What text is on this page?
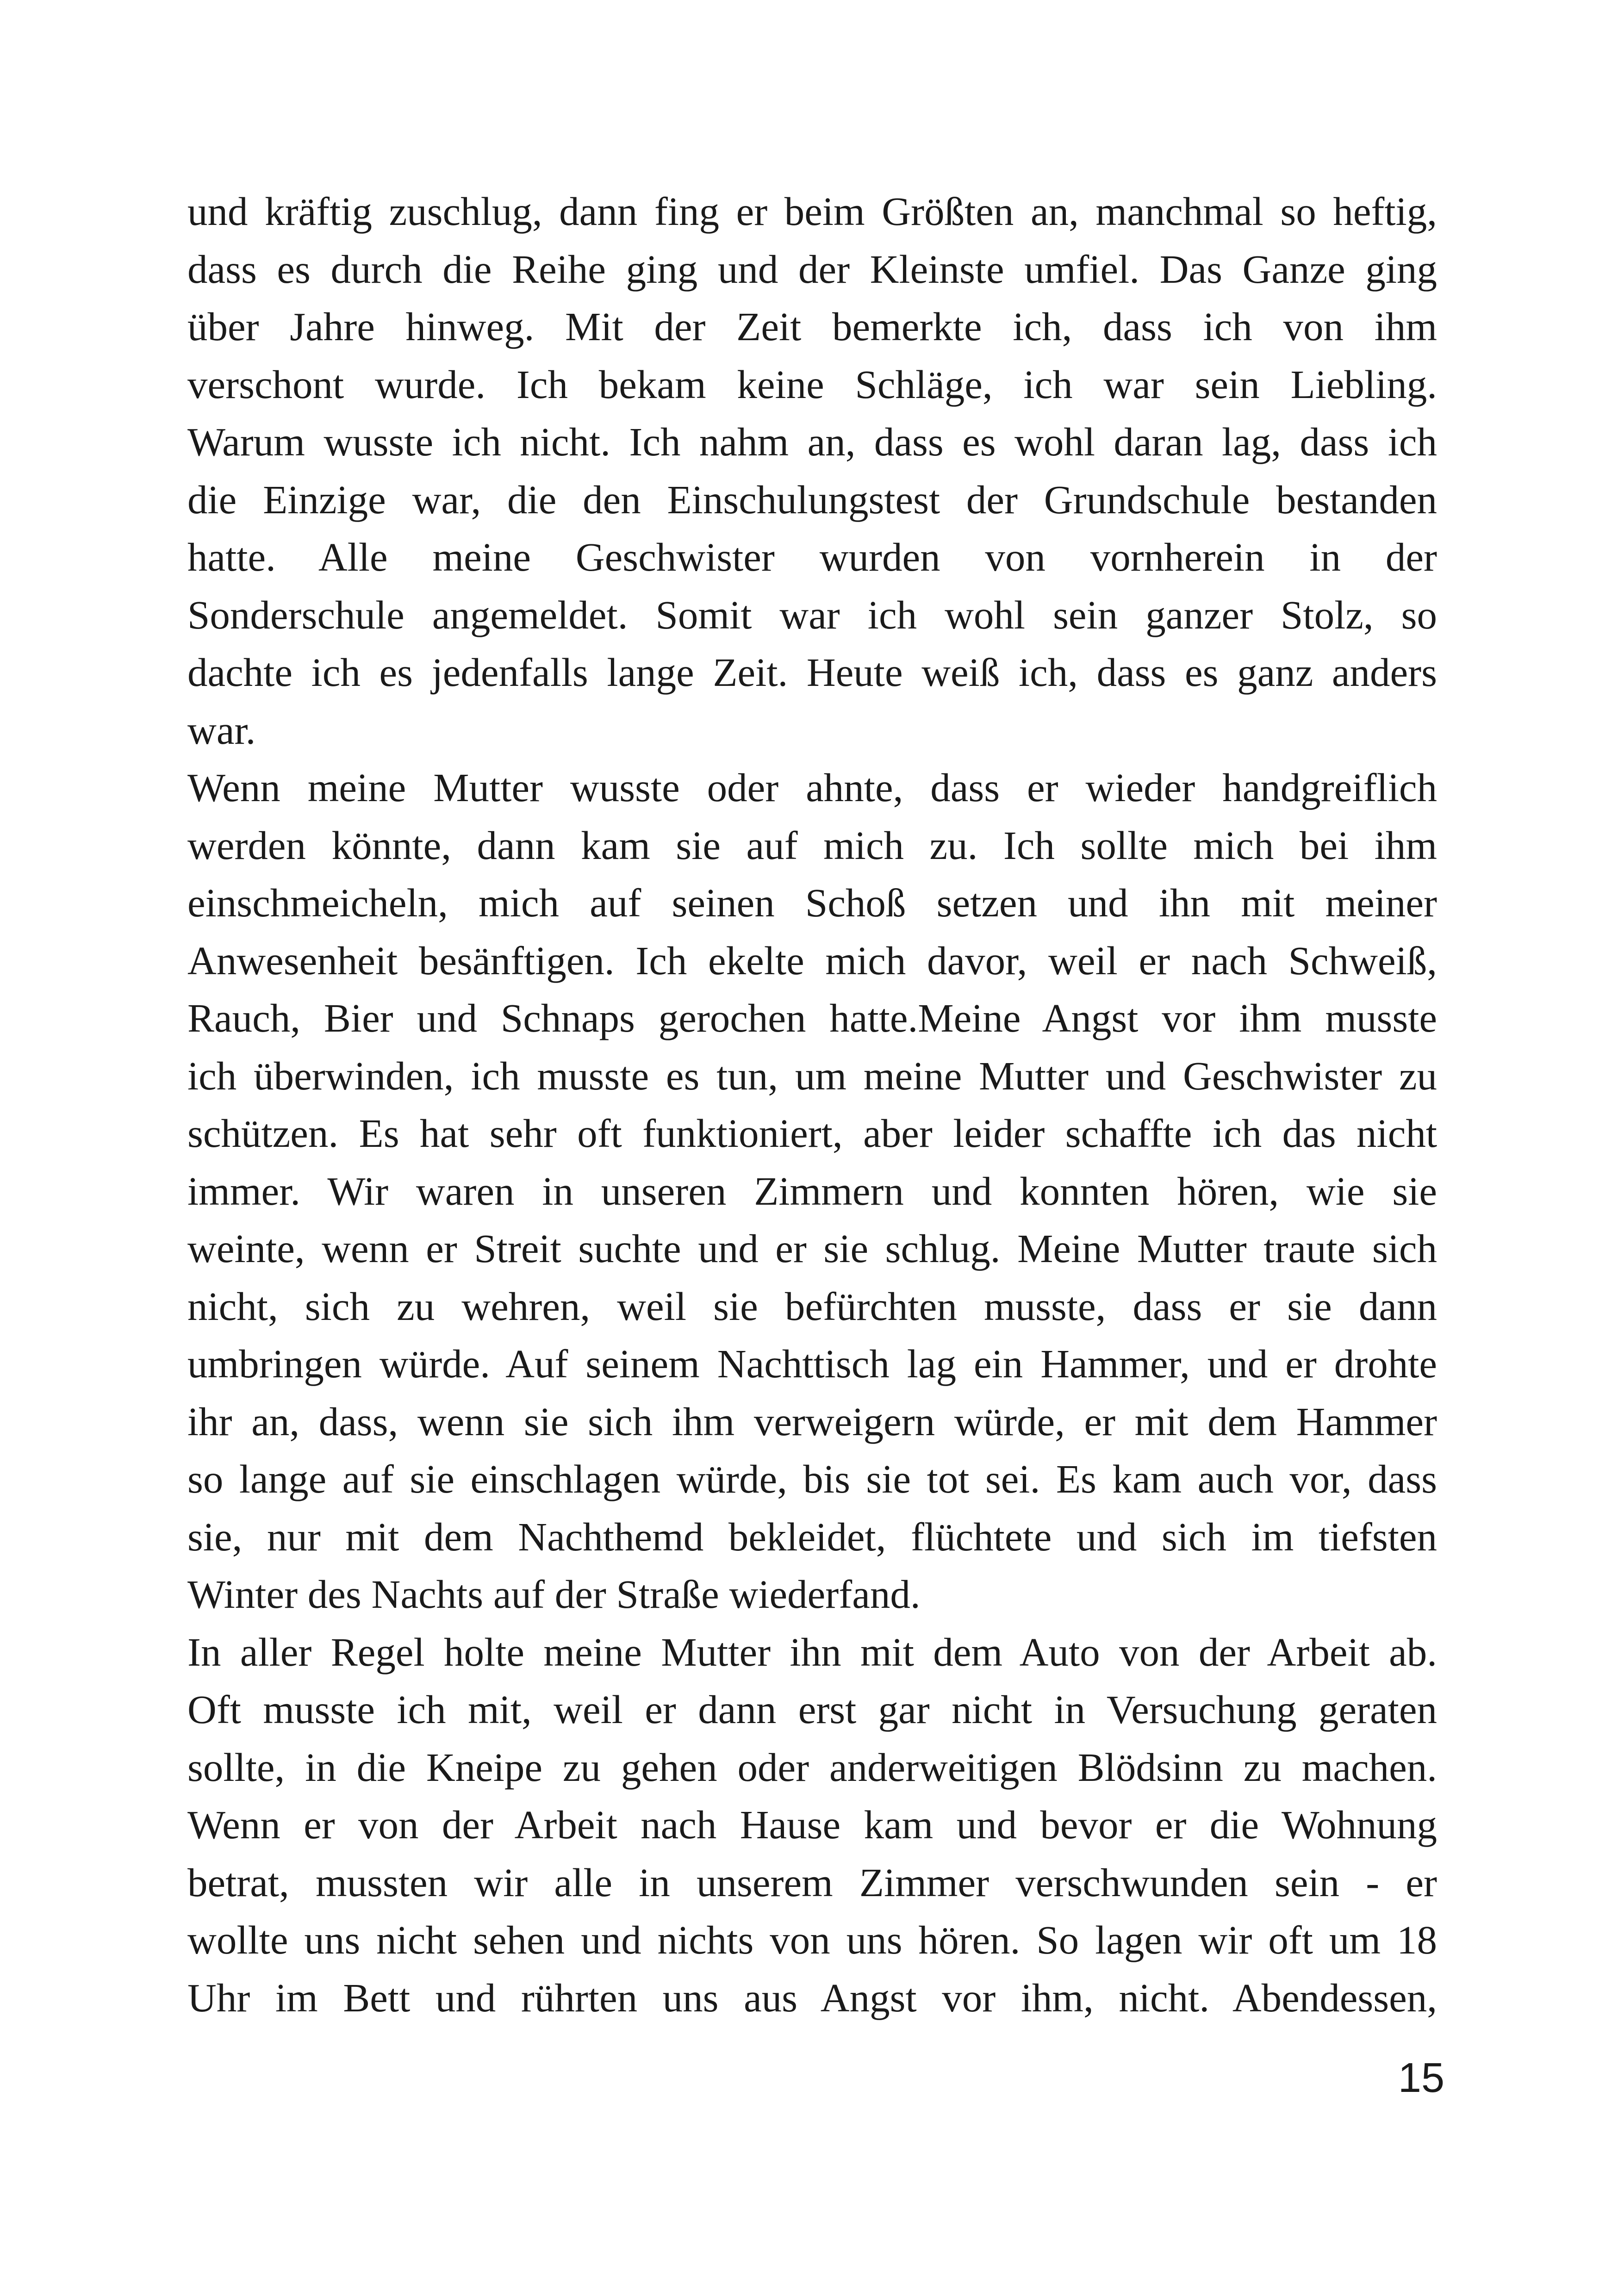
und kräftig zuschlug, dann fing er beim Größten an, manchmal so heftig,
dass es durch die Reihe ging und der Kleinste umfiel. Das Ganze ging
über Jahre hinweg. Mit der Zeit bemerkte ich, dass ich von ihm
verschont wurde. Ich bekam keine Schläge, ich war sein Liebling.
Warum wusste ich nicht. Ich nahm an, dass es wohl daran lag, dass ich
die Einzige war, die den Einschulungstest der Grundschule bestanden
hatte. Alle meine Geschwister wurden von vornherein in der
Sonderschule angemeldet. Somit war ich wohl sein ganzer Stolz, so
dachte ich es jedenfalls lange Zeit. Heute weiß ich, dass es ganz anders
war.
Wenn meine Mutter wusste oder ahnte, dass er wieder handgreiflich
werden könnte, dann kam sie auf mich zu. Ich sollte mich bei ihm
einschmeicheln, mich auf seinen Schoß setzen und ihn mit meiner
Anwesenheit besänftigen. Ich ekelte mich davor, weil er nach Schweiß,
Rauch, Bier und Schnaps gerochen hatte.Meine Angst vor ihm musste
ich überwinden, ich musste es tun, um meine Mutter und Geschwister zu
schützen. Es hat sehr oft funktioniert, aber leider schaffte ich das nicht
immer. Wir waren in unseren Zimmern und konnten hören, wie sie
weinte, wenn er Streit suchte und er sie schlug. Meine Mutter traute sich
nicht, sich zu wehren, weil sie befürchten musste, dass er sie dann
umbringen würde. Auf seinem Nachttisch lag ein Hammer, und er drohte
ihr an, dass, wenn sie sich ihm verweigern würde, er mit dem Hammer
so lange auf sie einschlagen würde, bis sie tot sei. Es kam auch vor, dass
sie, nur mit dem Nachthemd bekleidet, flüchtete und sich im tiefsten
Winter des Nachts auf der Straße wiederfand.
In aller Regel holte meine Mutter ihn mit dem Auto von der Arbeit ab.
Oft musste ich mit, weil er dann erst gar nicht in Versuchung geraten
sollte, in die Kneipe zu gehen oder anderweitigen Blödsinn zu machen.
Wenn er von der Arbeit nach Hause kam und bevor er die Wohnung
betrat, mussten wir alle in unserem Zimmer verschwunden sein - er
wollte uns nicht sehen und nichts von uns hören. So lagen wir oft um 18
Uhr im Bett und rührten uns aus Angst vor ihm, nicht. Abendessen,
15
